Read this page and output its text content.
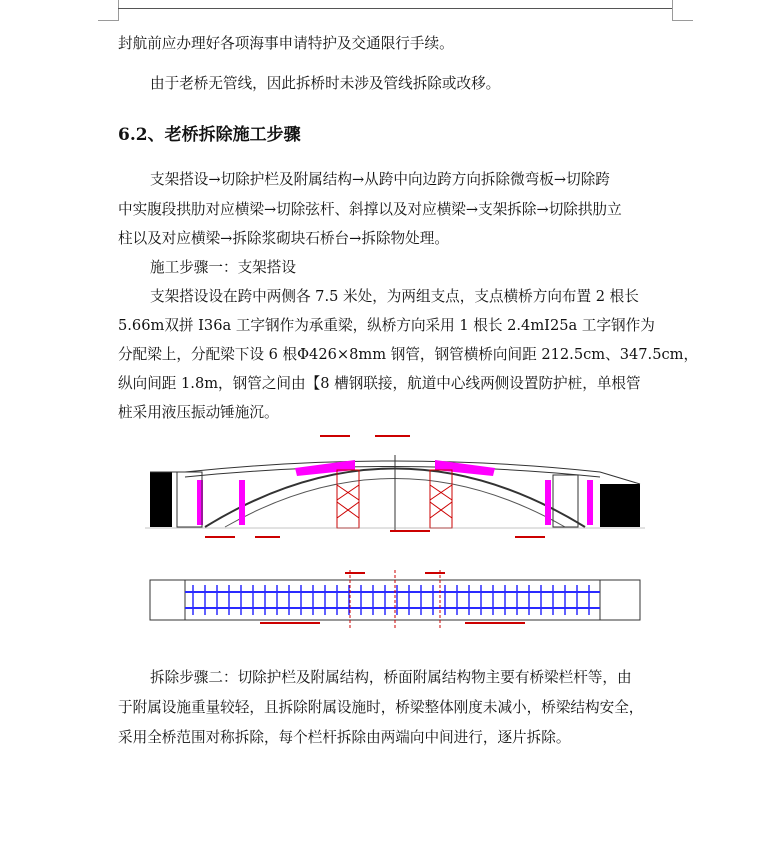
封航前应办理好各项海事申请特护及交通限行手续。
由于老桥无管线，因此拆桥时未涉及管线拆除或改移。
6.2、老桥拆除施工步骤
支架搭设→切除护栏及附属结构→从跨中向边跨方向拆除微弯板→切除跨
中实腹段拱肋对应横梁→切除弦杆、斜撑以及对应横梁→支架拆除→切除拱肋立
柱以及对应横梁→拆除浆砌块石桥台→拆除物处理。
施工步骤一：支架搭设
支架搭设设在跨中两侧各 7.5 米处，为两组支点，支点横桥方向布置 2 根长
5.66m双拼 I36a 工字钢作为承重梁，纵桥方向采用 1 根长 2.4mI25a 工字钢作为
分配梁上，分配梁下设 6 根Φ426×8mm 钢管，钢管横桥向间距 212.5cm、347.5cm，
纵向间距 1.8m，钢管之间由【8 槽钢联接，航道中心线两侧设置防护桩，单根管
桩采用液压振动锤施沉。
拆除步骤二：切除护栏及附属结构，桥面附属结构物主要有桥梁栏杆等，由
于附属设施重量较轻，且拆除附属设施时，桥梁整体刚度未减小，桥梁结构安全，
采用全桥范围对称拆除，每个栏杆拆除由两端向中间进行，逐片拆除。
